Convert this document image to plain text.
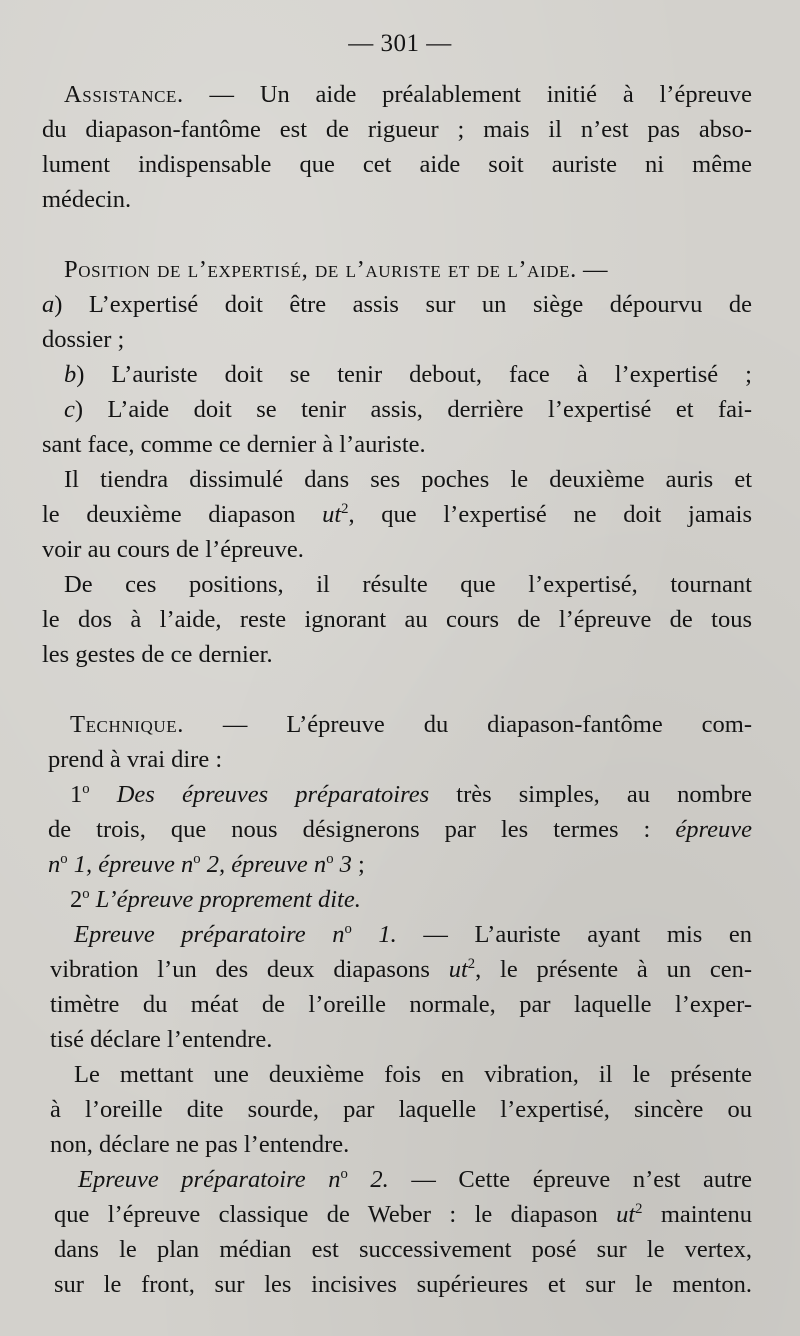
— 301 —
Assistance. — Un aide préalablement initié à l’épreuve
du diapason-fantôme est de rigueur ; mais il n’est pas abso-
lument indispensable que cet aide soit auriste ni même
médecin.
Position de l’expertisé, de l’auriste et de l’aide. —
a) L’expertisé doit être assis sur un siège dépourvu de
dossier ;
b) L’auriste doit se tenir debout, face à l’expertisé ;
c) L’aide doit se tenir assis, derrière l’expertisé et fai-
sant face, comme ce dernier à l’auriste.
Il tiendra dissimulé dans ses poches le deuxième auris et
le deuxième diapason $ut^2$, que l’expertisé ne doit jamais
voir au cours de l’épreuve.
De ces positions, il résulte que l’expertisé, tournant
le dos à l’aide, reste ignorant au cours de l’épreuve de tous
les gestes de ce dernier.
Technique. — L’épreuve du diapason-fantôme com-
prend à vrai dire :
1$^o$ Des épreuves préparatoires très simples, au nombre
de trois, que nous désignerons par les termes : épreuve
$n^o$ 1, épreuve $n^o$ 2, épreuve $n^o$ 3 ;
2$^o$ L’épreuve proprement dite.
Epreuve préparatoire $n^o$ 1. — L’auriste ayant mis en
vibration l’un des deux diapasons $ut^2$, le présente à un cen-
timètre du méat de l’oreille normale, par laquelle l’exper-
tisé déclare l’entendre.
Le mettant une deuxième fois en vibration, il le présente
à l’oreille dite sourde, par laquelle l’expertisé, sincère ou
non, déclare ne pas l’entendre.
Epreuve préparatoire $n^o$ 2. — Cette épreuve n’est autre
que l’épreuve classique de Weber : le diapason $ut^2$ maintenu
dans le plan médian est successivement posé sur le vertex,
sur le front, sur les incisives supérieures et sur le menton.
